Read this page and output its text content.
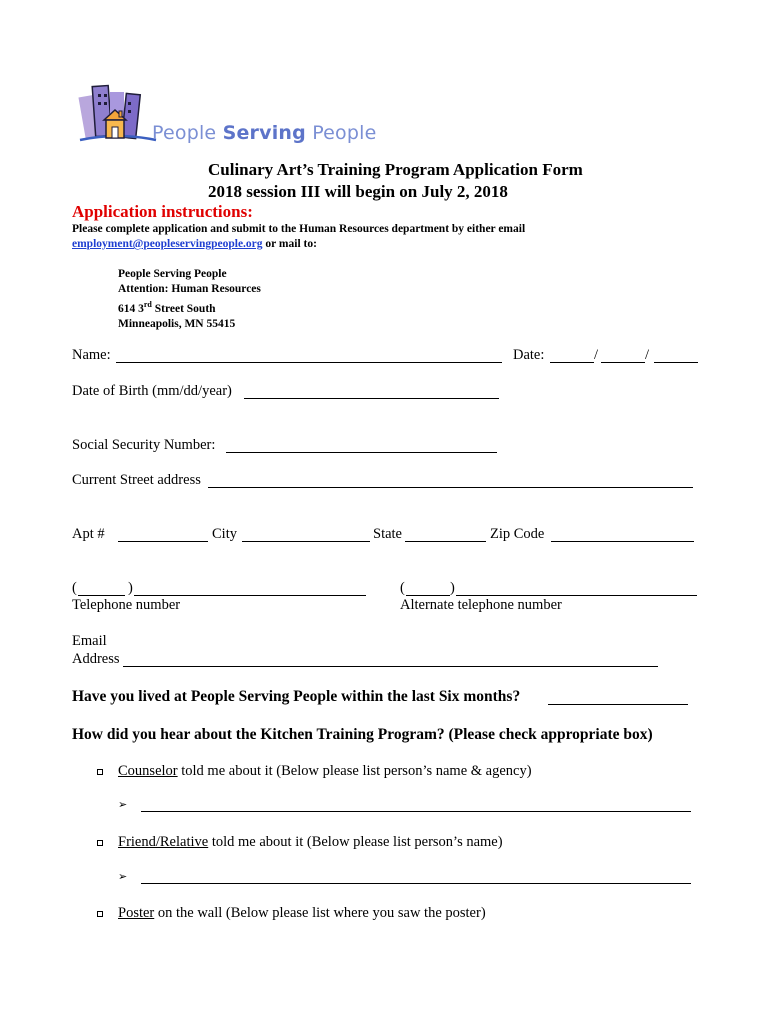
People Serving People
Culinary Art’s Training Program Application Form
2018 session III will begin on July 2, 2018
Application instructions:
Please complete application and submit to the Human Resources department by either email
employment@peopleservingpeople.org or mail to:
People Serving People
Attention: Human Resources
614 3rd Street South
Minneapolis, MN 55415
Name:	Date:	/	/
Date of Birth (mm/dd/year)
Social Security Number:
Current Street address
Apt #	City	State	Zip Code
(	)
Telephone number
(	)
Alternate telephone number
Email
Address
Have you lived at People Serving People within the last Six months?
How did you hear about the Kitchen Training Program? (Please check appropriate box)
Counselor told me about it (Below please list person’s name & agency)
➢
Friend/Relative told me about it (Below please list person’s name)
➢
Poster on the wall (Below please list where you saw the poster)
